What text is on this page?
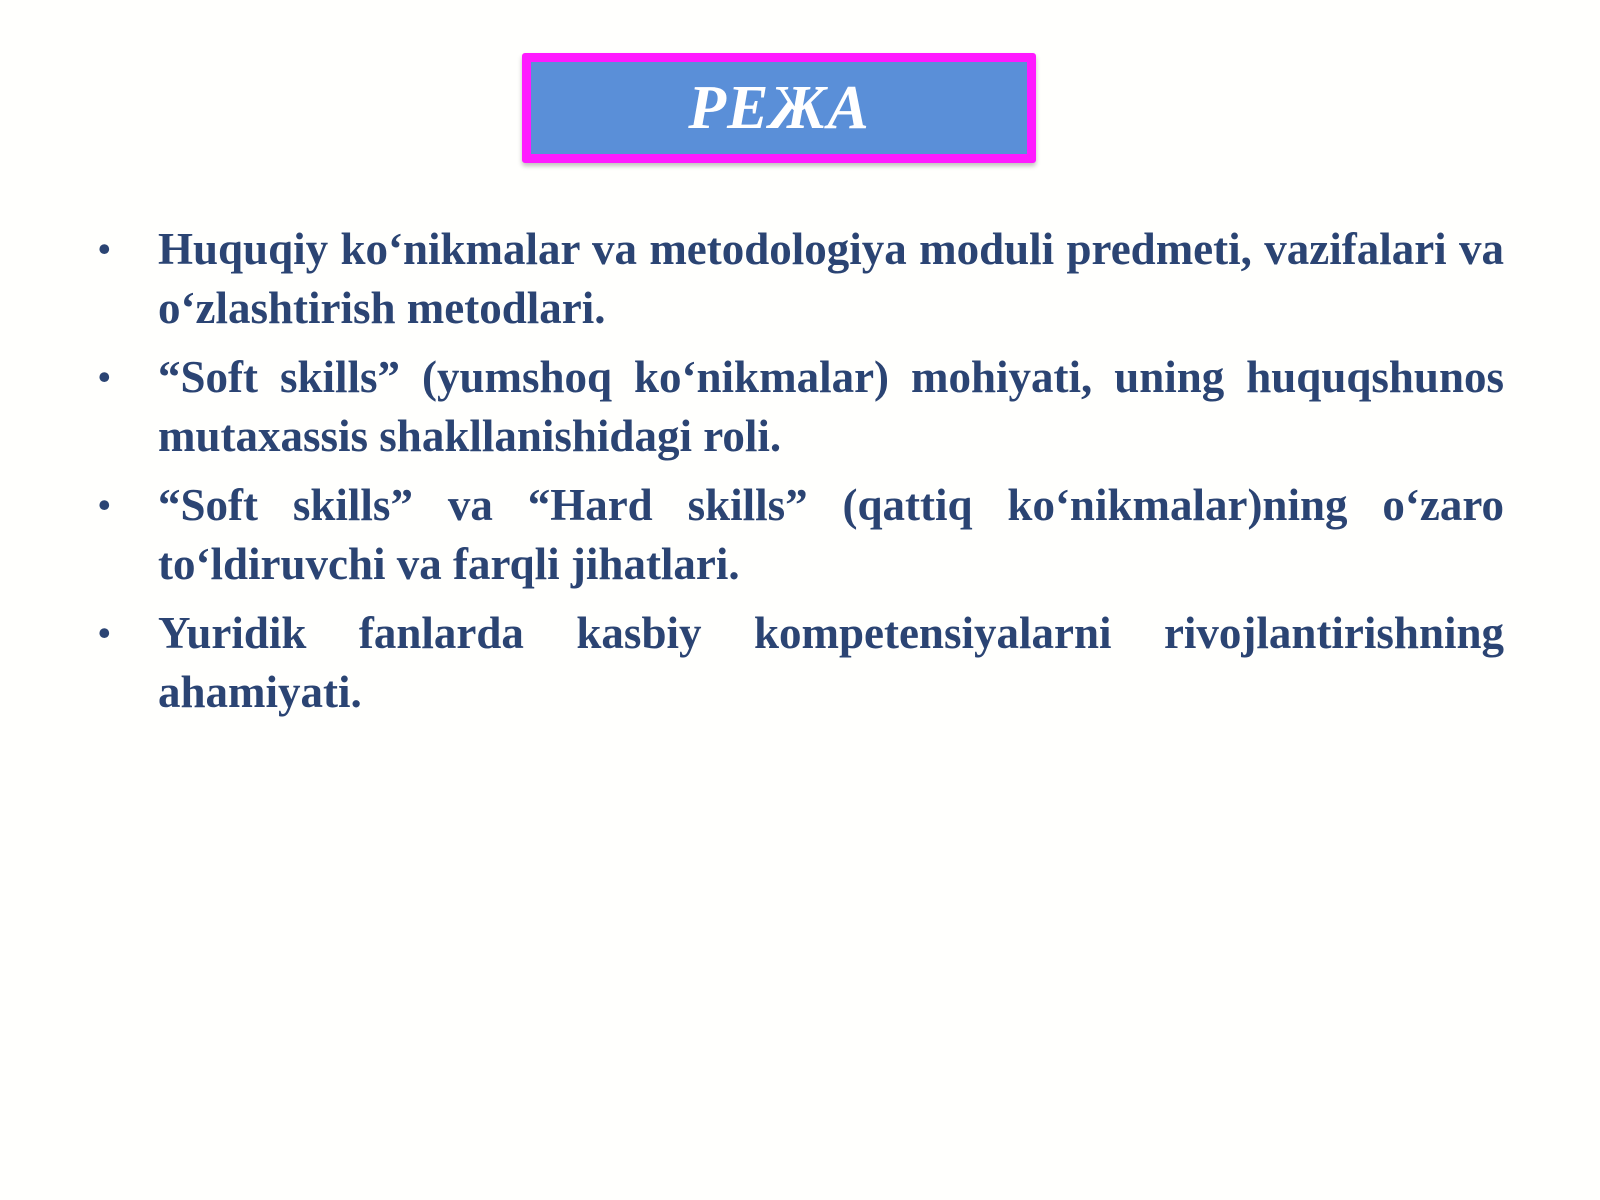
РЕЖА
•	Huquqiy ko‘nikmalar va metodologiya moduli predmeti, vazifalari va o‘zlashtirish metodlari.
•	“Soft skills” (yumshoq ko‘nikmalar) mohiyati, uning huquqshunos mutaxassis shakllanishidagi roli.
•	“Soft skills” va “Hard skills” (qattiq ko‘nikmalar)ning o‘zaro to‘ldiruvchi va farqli jihatlari.
•	Yuridik fanlarda kasbiy kompetensiyalarni rivojlantirishning ahamiyati.
